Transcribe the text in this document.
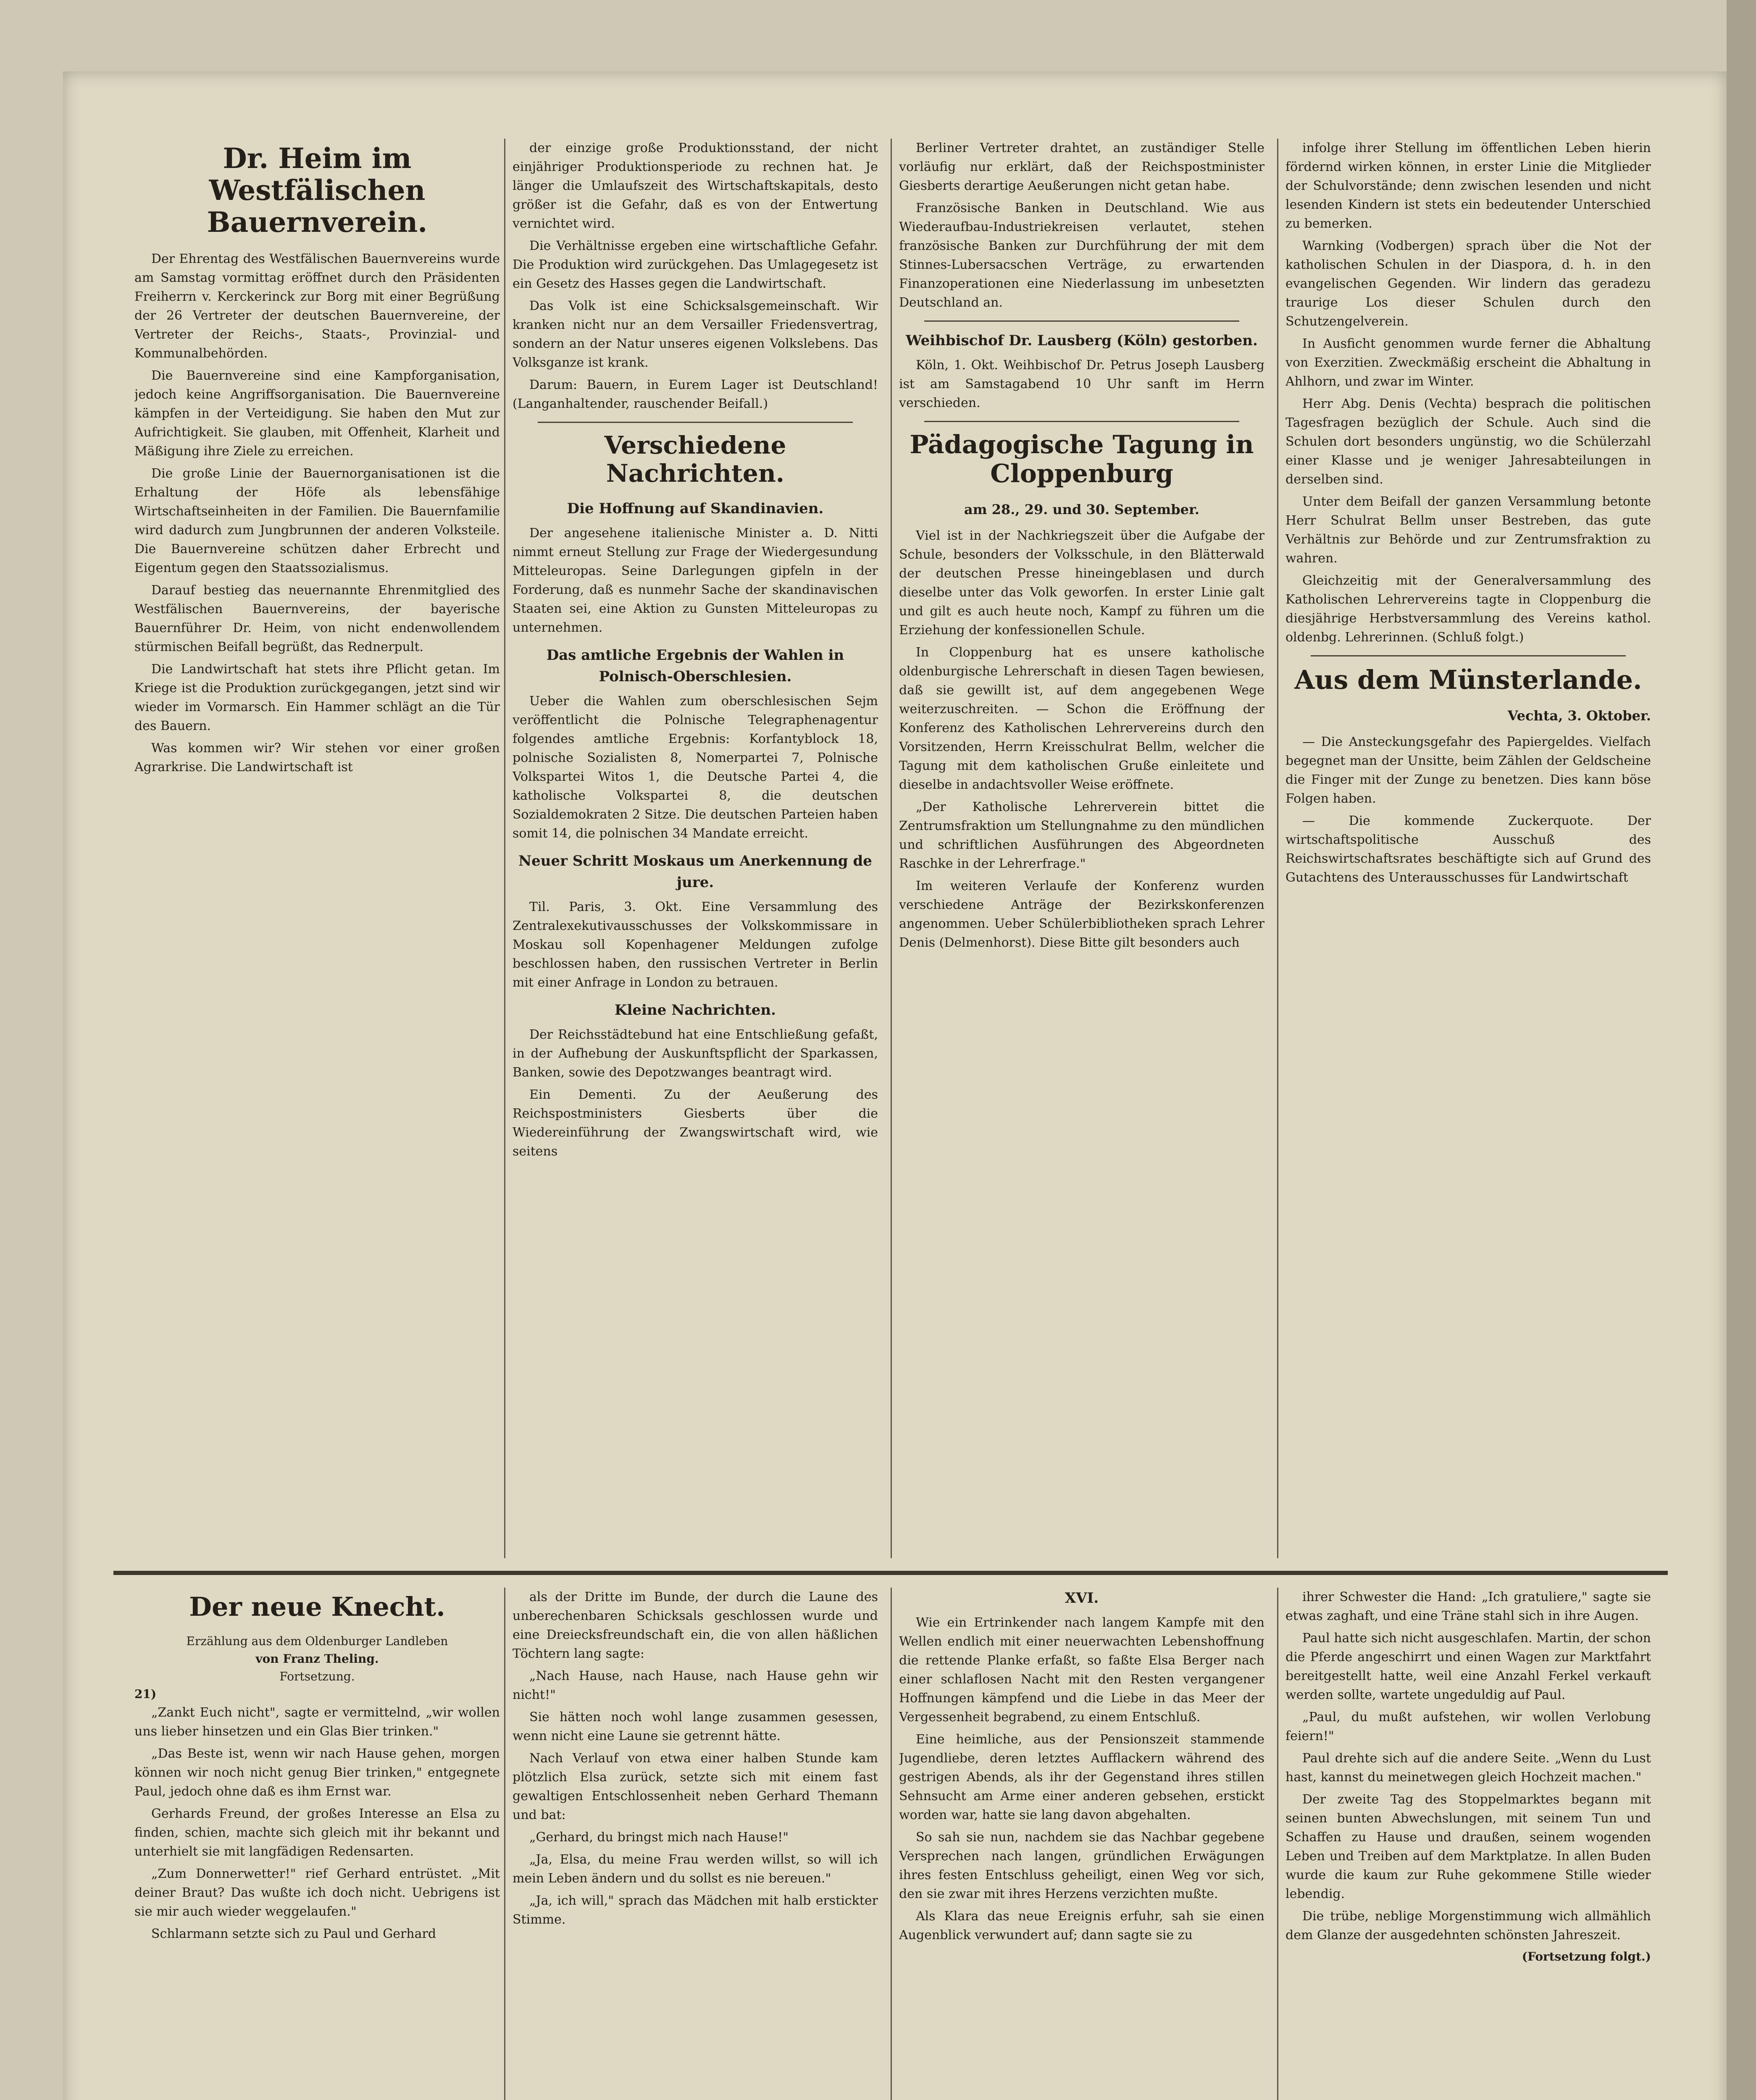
Dr. Heim im Westfälischen Bauernverein.

Der Ehrentag des Westfälischen Bauernvereins wurde am Samstag vormittag eröffnet durch den Präsidenten Freiherrn v. Kerckerinck zur Borg mit einer Begrüßung der 26 Vertreter der deutschen Bauernvereine, der Vertreter der Reichs-, Staats-, Provinzial- und Kommunalbehörden.

Die Bauernvereine sind eine Kampforganisation, jedoch keine Angriffsorganisation. Die Bauernvereine kämpfen in der Verteidigung. Sie haben den Mut zur Aufrichtigkeit. Sie glauben, mit Offenheit, Klarheit und Mäßigung ihre Ziele zu erreichen.

Die große Linie der Bauernorganisationen ist die Erhaltung der Höfe als lebensfähige Wirtschaftseinheiten in der Familien. Die Bauernfamilie wird dadurch zum Jungbrunnen der anderen Volksteile. Die Bauernvereine schützen daher Erbrecht und Eigentum gegen den Staatssozialismus.

Darauf bestieg das neuernannte Ehrenmitglied des Westfälischen Bauernvereins, der bayerische Bauernführer Dr. Heim, von nicht endenwollendem stürmischen Beifall begrüßt, das Rednerpult.

Die Landwirtschaft hat stets ihre Pflicht getan. Im Kriege ist die Produktion zurückgegangen, jetzt sind wir wieder im Vormarsch. Ein Hammer schlägt an die Tür des Bauern.

Was kommen wir? Wir stehen vor einer großen Agrarkrise. Die Landwirtschaft ist

der einzige große Produktionsstand, der nicht einjähriger Produktionsperiode zu rechnen hat. Je länger die Umlaufszeit des Wirtschaftskapitals, desto größer ist die Gefahr, daß es von der Entwertung vernichtet wird.

Die Verhältnisse ergeben eine wirtschaftliche Gefahr. Die Produktion wird zurückgehen. Das Umlagegesetz ist ein Gesetz des Hasses gegen die Landwirtschaft.

Das Volk ist eine Schicksalsgemeinschaft. Wir kranken nicht nur an dem Versailler Friedensvertrag, sondern an der Natur unseres eigenen Volkslebens. Das Volksganze ist krank.

Darum: Bauern, in Eurem Lager ist Deutschland! (Langanhaltender, rauschender Beifall.)

Verschiedene Nachrichten.
Die Hoffnung auf Skandinavien.

Der angesehene italienische Minister a. D. Nitti nimmt erneut Stellung zur Frage der Wiedergesundung Mitteleuropas. Seine Darlegungen gipfeln in der Forderung, daß es nunmehr Sache der skandinavischen Staaten sei, eine Aktion zu Gunsten Mitteleuropas zu unternehmen.

Das amtliche Ergebnis der Wahlen in Polnisch-Oberschlesien.

Ueber die Wahlen zum oberschlesischen Sejm veröffentlicht die Polnische Telegraphenagentur folgendes amtliche Ergebnis: Korfantyblock 18, polnische Sozialisten 8, Nomerpartei 7, Polnische Volkspartei Witos 1, die Deutsche Partei 4, die katholische Volkspartei 8, die deutschen Sozialdemokraten 2 Sitze. Die deutschen Parteien haben somit 14, die polnischen 34 Mandate erreicht.

Neuer Schritt Moskaus um Anerkennung de jure.

Til. Paris, 3. Okt. Eine Versammlung des Zentralexekutivausschusses der Volkskommissare in Moskau soll Kopenhagener Meldungen zufolge beschlossen haben, den russischen Vertreter in Berlin mit einer Anfrage in London zu betrauen.

Kleine Nachrichten.

Der Reichsstädtebund hat eine Entschließung gefaßt, in der Aufhebung der Auskunftspflicht der Sparkassen, Banken, sowie des Depotzwanges beantragt wird.

Ein Dementi. Zu der Aeußerung des Reichspostministers Giesberts über die Wiedereinführung der Zwangswirtschaft wird, wie seitens

Berliner Vertreter drahtet, an zuständiger Stelle vorläufig nur erklärt, daß der Reichspostminister Giesberts derartige Aeußerungen nicht getan habe.

Französische Banken in Deutschland. Wie aus Wiederaufbau-Industriekreisen verlautet, stehen französische Banken zur Durchführung der mit dem Stinnes-Lubersacschen Verträge, zu erwartenden Finanzoperationen eine Niederlassung im unbesetzten Deutschland an.

Weihbischof Dr. Lausberg (Köln) gestorben.

Köln, 1. Okt. Weihbischof Dr. Petrus Joseph Lausberg ist am Samstagabend 10 Uhr sanft im Herrn verschieden.

Pädagogische Tagung in Cloppenburg
am 28., 29. und 30. September.

Viel ist in der Nachkriegszeit über die Aufgabe der Schule, besonders der Volksschule, in den Blätterwald der deutschen Presse hineingeblasen und durch dieselbe unter das Volk geworfen. In erster Linie galt und gilt es auch heute noch, Kampf zu führen um die Erziehung der konfessionellen Schule.

In Cloppenburg hat es unsere katholische oldenburgische Lehrerschaft in diesen Tagen bewiesen, daß sie gewillt ist, auf dem angegebenen Wege weiterzuschreiten. — Schon die Eröffnung der Konferenz des Katholischen Lehrervereins durch den Vorsitzenden, Herrn Kreisschulrat Bellm, welcher die Tagung mit dem katholischen Gruße einleitete und dieselbe in andachtsvoller Weise eröffnete.

„Der Katholische Lehrerverein bittet die Zentrumsfraktion um Stellungnahme zu den mündlichen und schriftlichen Ausführungen des Abgeordneten Raschke in der Lehrerfrage."

Im weiteren Verlaufe der Konferenz wurden verschiedene Anträge der Bezirkskonferenzen angenommen. Ueber Schülerbibliotheken sprach Lehrer Denis (Delmenhorst). Diese Bitte gilt besonders auch

infolge ihrer Stellung im öffentlichen Leben hierin fördernd wirken können, in erster Linie die Mitglieder der Schulvorstände; denn zwischen lesenden und nicht lesenden Kindern ist stets ein bedeutender Unterschied zu bemerken.

Warnking (Vodbergen) sprach über die Not der katholischen Schulen in der Diaspora, d. h. in den evangelischen Gegenden. Wir lindern das geradezu traurige Los dieser Schulen durch den Schutzengelverein.

In Ausficht genommen wurde ferner die Abhaltung von Exerzitien. Zweckmäßig erscheint die Abhaltung in Ahlhorn, und zwar im Winter.

Herr Abg. Denis (Vechta) besprach die politischen Tagesfragen bezüglich der Schule. Auch sind die Schulen dort besonders ungünstig, wo die Schülerzahl einer Klasse und je weniger Jahresabteilungen in derselben sind.

Unter dem Beifall der ganzen Versammlung betonte Herr Schulrat Bellm unser Bestreben, das gute Verhältnis zur Behörde und zur Zentrumsfraktion zu wahren.

Gleichzeitig mit der Generalversammlung des Katholischen Lehrervereins tagte in Cloppenburg die diesjährige Herbstversammlung des Vereins kathol. oldenbg. Lehrerinnen. (Schluß folgt.)

Aus dem Münsterlande.
Vechta, 3. Oktober.

— Die Ansteckungsgefahr des Papiergeldes. Vielfach begegnet man der Unsitte, beim Zählen der Geldscheine die Finger mit der Zunge zu benetzen. Dies kann böse Folgen haben.

— Die kommende Zuckerquote. Der wirtschaftspolitische Ausschuß des Reichswirtschaftsrates beschäftigte sich auf Grund des Gutachtens des Unterausschusses für Landwirtschaft

Der neue Knecht.
Erzählung aus dem Oldenburger Landleben
von Franz Theling.
Fortsetzung.
21)

„Zankt Euch nicht", sagte er vermittelnd, „wir wollen uns lieber hinsetzen und ein Glas Bier trinken."

„Das Beste ist, wenn wir nach Hause gehen, morgen können wir noch nicht genug Bier trinken," entgegnete Paul, jedoch ohne daß es ihm Ernst war.

Gerhards Freund, der großes Interesse an Elsa zu finden, schien, machte sich gleich mit ihr bekannt und unterhielt sie mit langfädigen Redensarten.

„Zum Donnerwetter!" rief Gerhard entrüstet. „Mit deiner Braut? Das wußte ich doch nicht. Uebrigens ist sie mir auch wieder weggelaufen."

Schlarmann setzte sich zu Paul und Gerhard

als der Dritte im Bunde, der durch die Laune des unberechenbaren Schicksals geschlossen wurde und eine Dreiecksfreundschaft ein, die von allen häßlichen Töchtern lang sagte:

„Nach Hause, nach Hause, nach Hause gehn wir nicht!"

Sie hätten noch wohl lange zusammen gesessen, wenn nicht eine Laune sie getrennt hätte.

Nach Verlauf von etwa einer halben Stunde kam plötzlich Elsa zurück, setzte sich mit einem fast gewaltigen Entschlossenheit neben Gerhard Themann und bat:

„Gerhard, du bringst mich nach Hause!"

„Ja, Elsa, du meine Frau werden willst, so will ich mein Leben ändern und du sollst es nie bereuen."

„Ja, ich will," sprach das Mädchen mit halb erstickter Stimme.

XVI.

Wie ein Ertrinkender nach langem Kampfe mit den Wellen endlich mit einer neuerwachten Lebenshoffnung die rettende Planke erfaßt, so faßte Elsa Berger nach einer schlaflosen Nacht mit den Resten vergangener Hoffnungen kämpfend und die Liebe in das Meer der Vergessenheit begrabend, zu einem Entschluß.

Eine heimliche, aus der Pensionszeit stammende Jugendliebe, deren letztes Aufflackern während des gestrigen Abends, als ihr der Gegenstand ihres stillen Sehnsucht am Arme einer anderen gebsehen, erstickt worden war, hatte sie lang davon abgehalten.

So sah sie nun, nachdem sie das Nachbar gegebene Versprechen nach langen, gründlichen Erwägungen ihres festen Entschluss geheiligt, einen Weg vor sich, den sie zwar mit ihres Herzens verzichten mußte.

Als Klara das neue Ereignis erfuhr, sah sie einen Augenblick verwundert auf; dann sagte sie zu

ihrer Schwester die Hand: „Ich gratuliere," sagte sie etwas zaghaft, und eine Träne stahl sich in ihre Augen.

Paul hatte sich nicht ausgeschlafen. Martin, der schon die Pferde angeschirrt und einen Wagen zur Marktfahrt bereitgestellt hatte, weil eine Anzahl Ferkel verkauft werden sollte, wartete ungeduldig auf Paul.

„Paul, du mußt aufstehen, wir wollen Verlobung feiern!"

Paul drehte sich auf die andere Seite. „Wenn du Lust hast, kannst du meinetwegen gleich Hochzeit machen."

Der zweite Tag des Stoppelmarktes begann mit seinen bunten Abwechslungen, mit seinem Tun und Schaffen zu Hause und draußen, seinem wogenden Leben und Treiben auf dem Marktplatze. In allen Buden wurde die kaum zur Ruhe gekommene Stille wieder lebendig.

Die trübe, neblige Morgenstimmung wich allmählich dem Glanze der ausgedehnten schönsten Jahreszeit.

(Fortsetzung folgt.)
